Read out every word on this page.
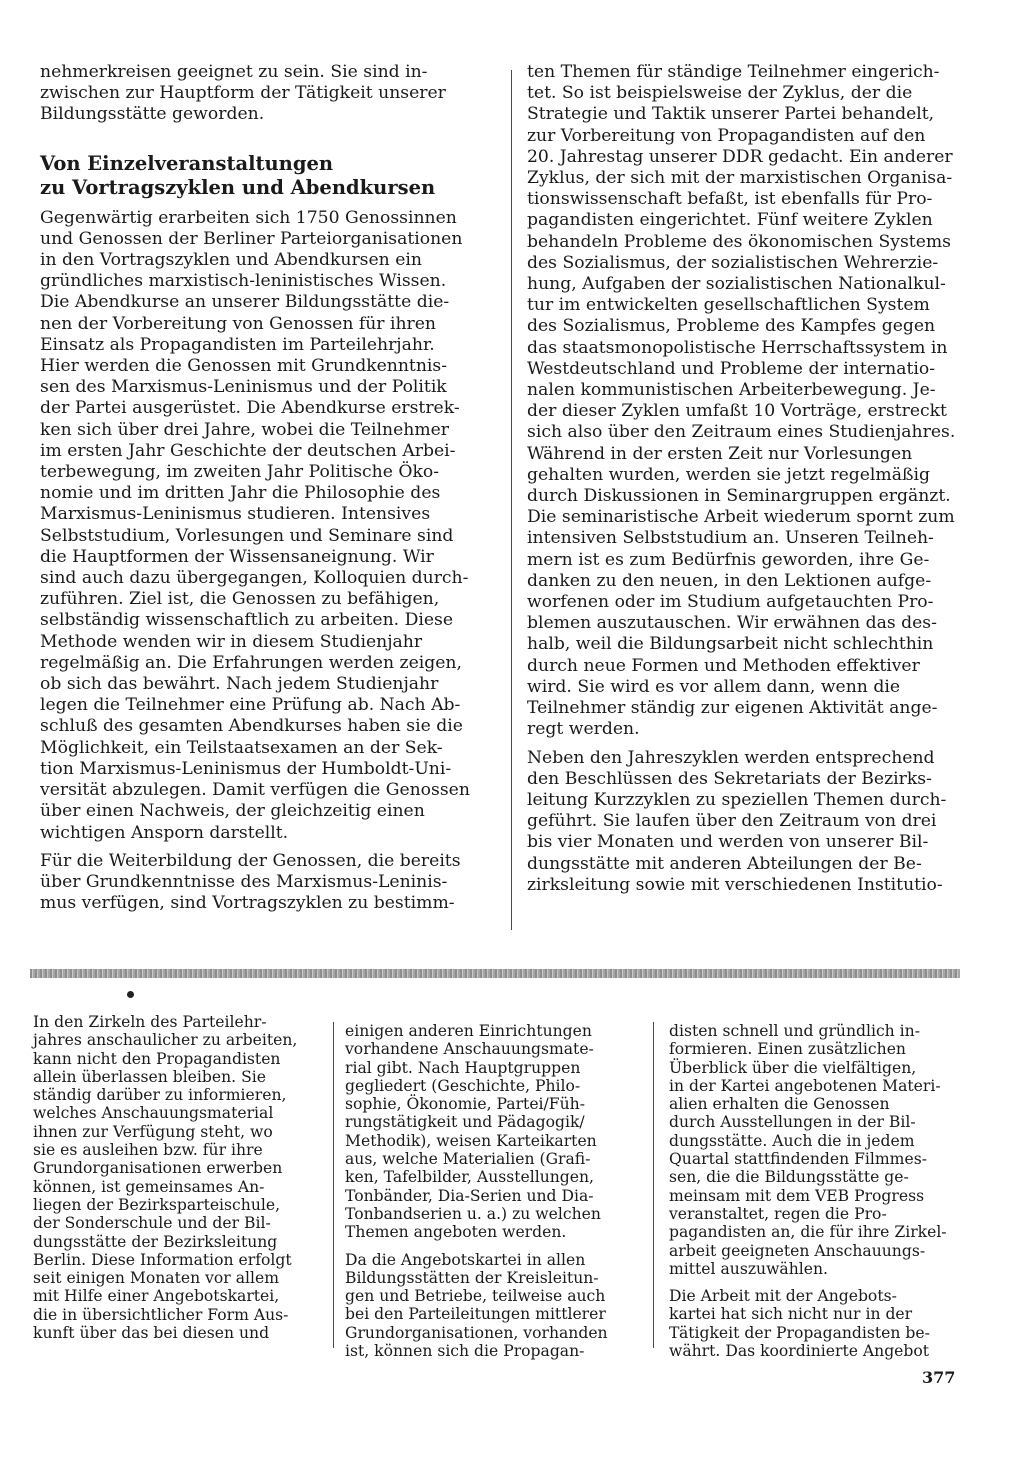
nehmerkreisen geeignet zu sein. Sie sind in-
zwischen zur Hauptform der Tätigkeit unserer
Bildungsstätte geworden.

Von Einzelveranstaltungen
zu Vortragszyklen und Abendkursen

Gegenwärtig erarbeiten sich 1750 Genossinnen
und Genossen der Berliner Parteiorganisationen
in den Vortragszyklen und Abendkursen ein
gründliches marxistisch-leninistisches Wissen.
Die Abendkurse an unserer Bildungsstätte die-
nen der Vorbereitung von Genossen für ihren
Einsatz als Propagandisten im Parteilehrjahr.
Hier werden die Genossen mit Grundkenntnis-
sen des Marxismus-Leninismus und der Politik
der Partei ausgerüstet. Die Abendkurse erstrek-
ken sich über drei Jahre, wobei die Teilnehmer
im ersten Jahr Geschichte der deutschen Arbei-
terbewegung, im zweiten Jahr Politische Öko-
nomie und im dritten Jahr die Philosophie des
Marxismus-Leninismus studieren. Intensives
Selbststudium, Vorlesungen und Seminare sind
die Hauptformen der Wissensaneignung. Wir
sind auch dazu übergegangen, Kolloquien durch-
zuführen. Ziel ist, die Genossen zu befähigen,
selbständig wissenschaftlich zu arbeiten. Diese
Methode wenden wir in diesem Studienjahr
regelmäßig an. Die Erfahrungen werden zeigen,
ob sich das bewährt. Nach jedem Studienjahr
legen die Teilnehmer eine Prüfung ab. Nach Ab-
schluß des gesamten Abendkurses haben sie die
Möglichkeit, ein Teilstaatsexamen an der Sek-
tion Marxismus-Leninismus der Humboldt-Uni-
versität abzulegen. Damit verfügen die Genossen
über einen Nachweis, der gleichzeitig einen
wichtigen Ansporn darstellt.

Für die Weiterbildung der Genossen, die bereits
über Grundkenntnisse des Marxismus-Leninis-
mus verfügen, sind Vortragszyklen zu bestimm-

ten Themen für ständige Teilnehmer eingerich-
tet. So ist beispielsweise der Zyklus, der die
Strategie und Taktik unserer Partei behandelt,
zur Vorbereitung von Propagandisten auf den
20. Jahrestag unserer DDR gedacht. Ein anderer
Zyklus, der sich mit der marxistischen Organisa-
tionswissenschaft befaßt, ist ebenfalls für Pro-
pagandisten eingerichtet. Fünf weitere Zyklen
behandeln Probleme des ökonomischen Systems
des Sozialismus, der sozialistischen Wehrerzie-
hung, Aufgaben der sozialistischen Nationalkul-
tur im entwickelten gesellschaftlichen System
des Sozialismus, Probleme des Kampfes gegen
das staatsmonopolistische Herrschaftssystem in
Westdeutschland und Probleme der internatio-
nalen kommunistischen Arbeiterbewegung. Je-
der dieser Zyklen umfaßt 10 Vorträge, erstreckt
sich also über den Zeitraum eines Studienjahres.
Während in der ersten Zeit nur Vorlesungen
gehalten wurden, werden sie jetzt regelmäßig
durch Diskussionen in Seminargruppen ergänzt.
Die seminaristische Arbeit wiederum spornt zum
intensiven Selbststudium an. Unseren Teilneh-
mern ist es zum Bedürfnis geworden, ihre Ge-
danken zu den neuen, in den Lektionen aufge-
worfenen oder im Studium aufgetauchten Pro-
blemen auszutauschen. Wir erwähnen das des-
halb, weil die Bildungsarbeit nicht schlechthin
durch neue Formen und Methoden effektiver
wird. Sie wird es vor allem dann, wenn die
Teilnehmer ständig zur eigenen Aktivität ange-
regt werden.

Neben den Jahreszyklen werden entsprechend
den Beschlüssen des Sekretariats der Bezirks-
leitung Kurzzyklen zu speziellen Themen durch-
geführt. Sie laufen über den Zeitraum von drei
bis vier Monaten und werden von unserer Bil-
dungsstätte mit anderen Abteilungen der Be-
zirksleitung sowie mit verschiedenen Institutio-

In den Zirkeln des Parteilehr-
jahres anschaulicher zu arbeiten,
kann nicht den Propagandisten
allein überlassen bleiben. Sie
ständig darüber zu informieren,
welches Anschauungsmaterial
ihnen zur Verfügung steht, wo
sie es ausleihen bzw. für ihre
Grundorganisationen erwerben
können, ist gemeinsames An-
liegen der Bezirksparteischule,
der Sonderschule und der Bil-
dungsstätte der Bezirksleitung
Berlin. Diese Information erfolgt
seit einigen Monaten vor allem
mit Hilfe einer Angebotskartei,
die in übersichtlicher Form Aus-
kunft über das bei diesen und

einigen anderen Einrichtungen
vorhandene Anschauungsmate-
rial gibt. Nach Hauptgruppen
gegliedert (Geschichte, Philo-
sophie, Ökonomie, Partei/Füh-
rungstätigkeit und Pädagogik/
Methodik), weisen Karteikarten
aus, welche Materialien (Grafi-
ken, Tafelbilder, Ausstellungen,
Tonbänder, Dia-Serien und Dia-
Tonbandserien u. a.) zu welchen
Themen angeboten werden.

Da die Angebotskartei in allen
Bildungsstätten der Kreisleitun-
gen und Betriebe, teilweise auch
bei den Parteileitungen mittlerer
Grundorganisationen, vorhanden
ist, können sich die Propagan-

disten schnell und gründlich in-
formieren. Einen zusätzlichen
Überblick über die vielfältigen,
in der Kartei angebotenen Materi-
alien erhalten die Genossen
durch Ausstellungen in der Bil-
dungsstätte. Auch die in jedem
Quartal stattfindenden Filmmes-
sen, die die Bildungsstätte ge-
meinsam mit dem VEB Progress
veranstaltet, regen die Pro-
pagandisten an, die für ihre Zirkel-
arbeit geeigneten Anschauungs-
mittel auszuwählen.

Die Arbeit mit der Angebots-
kartei hat sich nicht nur in der
Tätigkeit der Propagandisten be-
währt. Das koordinierte Angebot

377
